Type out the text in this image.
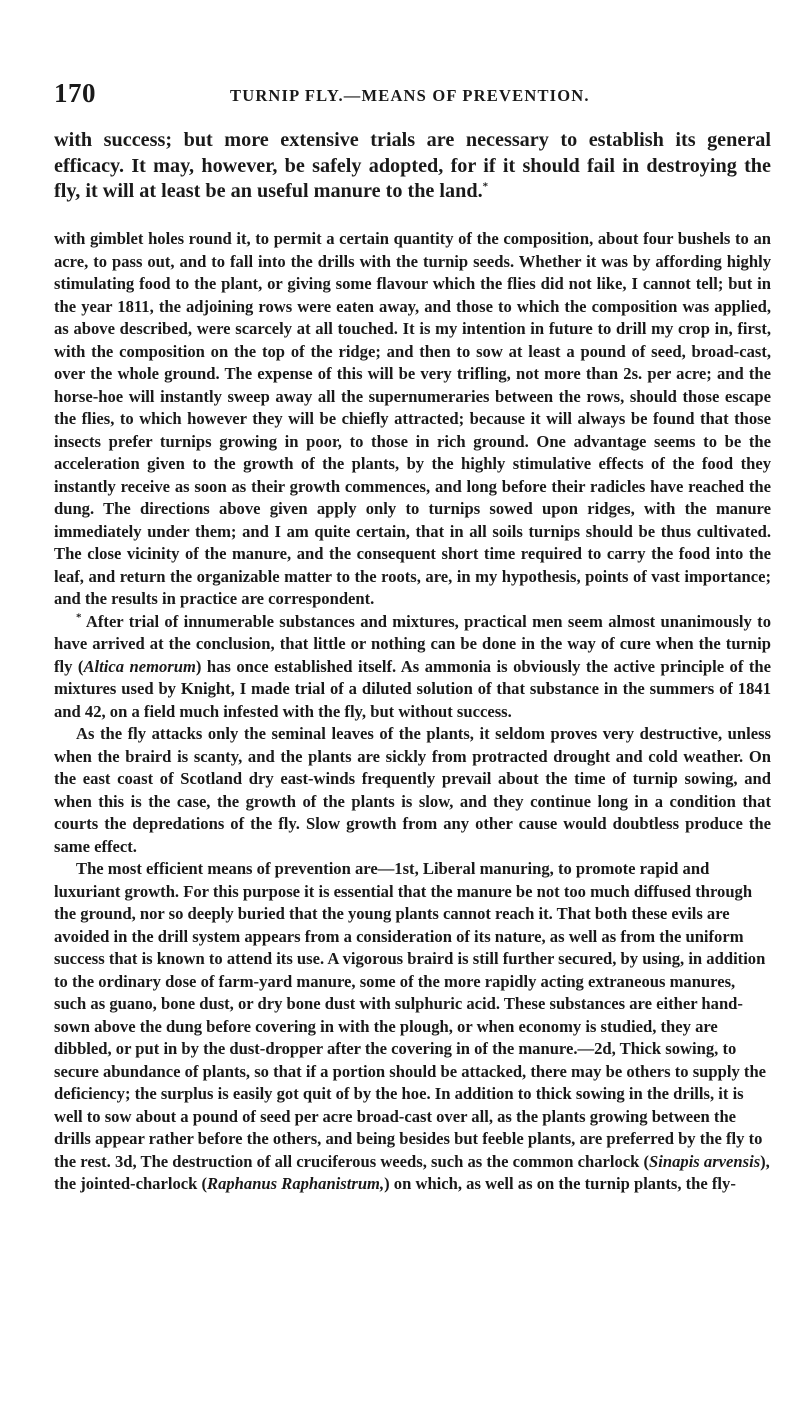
170	TURNIP FLY.—MEANS OF PREVENTION.

with success; but more extensive trials are necessary to establish its general efficacy. It may, however, be safely adopted, for if it should fail in destroying the fly, it will at least be an useful manure to the land.*

with gimblet holes round it, to permit a certain quantity of the composition, about four bushels to an acre, to pass out, and to fall into the drills with the turnip seeds. Whether it was by affording highly stimulating food to the plant, or giving some flavour which the flies did not like, I cannot tell; but in the year 1811, the adjoining rows were eaten away, and those to which the composition was applied, as above described, were scarcely at all touched. It is my intention in future to drill my crop in, first, with the composition on the top of the ridge; and then to sow at least a pound of seed, broad-cast, over the whole ground. The expense of this will be very trifling, not more than 2s. per acre; and the horse-hoe will instantly sweep away all the supernumeraries between the rows, should those escape the flies, to which however they will be chiefly attracted; because it will always be found that those insects prefer turnips growing in poor, to those in rich ground. One advantage seems to be the acceleration given to the growth of the plants, by the highly stimulative effects of the food they instantly receive as soon as their growth commences, and long before their radicles have reached the dung. The directions above given apply only to turnips sowed upon ridges, with the manure immediately under them; and I am quite certain, that in all soils turnips should be thus cultivated. The close vicinity of the manure, and the consequent short time required to carry the food into the leaf, and return the organizable matter to the roots, are, in my hypothesis, points of vast importance; and the results in practice are correspondent.

* After trial of innumerable substances and mixtures, practical men seem almost unanimously to have arrived at the conclusion, that little or nothing can be done in the way of cure when the turnip fly (Altica nemorum) has once established itself. As ammonia is obviously the active principle of the mixtures used by Knight, I made trial of a diluted solution of that substance in the summers of 1841 and 42, on a field much infested with the fly, but without success.

As the fly attacks only the seminal leaves of the plants, it seldom proves very destructive, unless when the braird is scanty, and the plants are sickly from protracted drought and cold weather. On the east coast of Scotland dry east-winds frequently prevail about the time of turnip sowing, and when this is the case, the growth of the plants is slow, and they continue long in a condition that courts the depredations of the fly. Slow growth from any other cause would doubtless produce the same effect.

The most efficient means of prevention are—1st, Liberal manuring, to promote rapid and luxuriant growth. For this purpose it is essential that the manure be not too much diffused through the ground, nor so deeply buried that the young plants cannot reach it. That both these evils are avoided in the drill system appears from a consideration of its nature, as well as from the uniform success that is known to attend its use. A vigorous braird is still further secured, by using, in addition to the ordinary dose of farm-yard manure, some of the more rapidly acting extraneous manures, such as guano, bone dust, or dry bone dust with sulphuric acid. These substances are either hand-sown above the dung before covering in with the plough, or when economy is studied, they are dibbled, or put in by the dust-dropper after the covering in of the manure.—2d, Thick sowing, to secure abundance of plants, so that if a portion should be attacked, there may be others to supply the deficiency; the surplus is easily got quit of by the hoe. In addition to thick sowing in the drills, it is well to sow about a pound of seed per acre broad-cast over all, as the plants growing between the drills appear rather before the others, and being besides but feeble plants, are preferred by the fly to the rest. 3d, The destruction of all cruciferous weeds, such as the common charlock (Sinapis arvensis), the jointed-charlock (Raphanus Raphanistrum,) on which, as well as on the turnip plants, the fly-
